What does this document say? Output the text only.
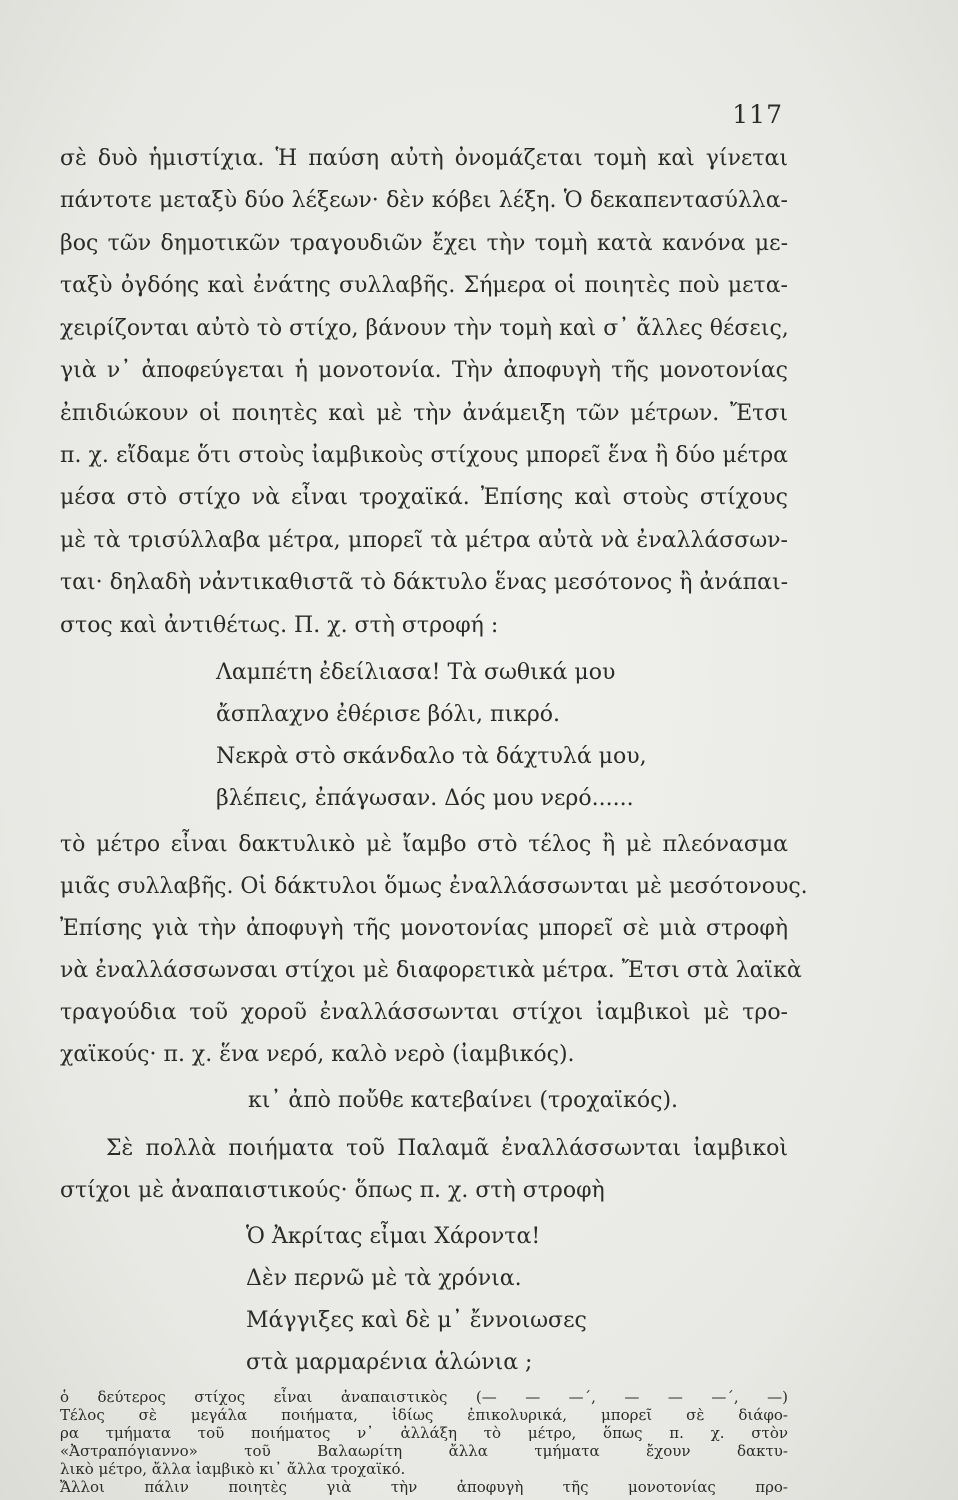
117
σὲ δυὸ ἡμιστίχια. Ἡ παύση αὐτὴ ὀνομάζεται τομὴ καὶ γίνεται
πάντοτε μεταξὺ δύο λέξεων· δὲν κόβει λέξη. Ὁ δεκαπεντασύλλα-
βος τῶν δημοτικῶν τραγουδιῶν ἔχει τὴν τομὴ κατὰ κανόνα με-
ταξὺ ὀγδόης καὶ ἐνάτης συλλαβῆς. Σήμερα οἱ ποιητὲς ποὺ μετα-
χειρίζονται αὐτὸ τὸ στίχο, βάνουν τὴν τομὴ καὶ σ᾿ ἄλλες θέσεις,
γιὰ ν᾿ ἀποφεύγεται ἡ μονοτονία. Τὴν ἀποφυγὴ τῆς μονοτονίας
ἐπιδιώκουν οἱ ποιητὲς καὶ μὲ τὴν ἀνάμειξη τῶν μέτρων. Ἔτσι
π. χ. εἴδαμε ὅτι στοὺς ἰαμβικοὺς στίχους μπορεῖ ἕνα ἢ δύο μέτρα
μέσα στὸ στίχο νὰ εἶναι τροχαϊκά. Ἐπίσης καὶ στοὺς στίχους
μὲ τὰ τρισύλλαβα μέτρα, μπορεῖ τὰ μέτρα αὐτὰ νὰ ἐναλλάσσων-
ται· δηλαδὴ νἀντικαθιστᾶ τὸ δάκτυλο ἕνας μεσότονος ἢ ἀνάπαι-
στος καὶ ἀντιθέτως. Π. χ. στὴ στροφή :
Λαμπέτη ἐδείλιασα! Τὰ σωθικά μου
ἄσπλαχνο ἐθέρισε βόλι, πικρό.
Νεκρὰ στὸ σκάνδαλο τὰ δάχτυλά μου,
βλέπεις, ἐπάγωσαν. Δός μου νερό......
τὸ μέτρο εἶναι δακτυλικὸ μὲ ἴαμβο στὸ τέλος ἢ μὲ πλεόνασμα
μιᾶς συλλαβῆς. Οἱ δάκτυλοι ὅμως ἐναλλάσσωνται μὲ μεσότονους.
Ἐπίσης γιὰ τὴν ἀποφυγὴ τῆς μονοτονίας μπορεῖ σὲ μιὰ στροφὴ
νὰ ἐναλλάσσωνσαι στίχοι μὲ διαφορετικὰ μέτρα. Ἔτσι στὰ λαϊκὰ
τραγούδια τοῦ χοροῦ ἐναλλάσσωνται στίχοι ἰαμβικοὶ μὲ τρο-
χαϊκούς· π. χ. ἕνα νερό, καλὸ νερὸ (ἰαμβικός).
κι᾿ ἀπὸ ποὔθε κατεβαίνει (τροχαϊκός).
Σὲ πολλὰ ποιήματα τοῦ Παλαμᾶ ἐναλλάσσωνται ἰαμβικοὶ
στίχοι μὲ ἀναπαιστικούς· ὅπως π. χ. στὴ στροφὴ
Ὁ Ἀκρίτας εἶμαι Χάροντα!
Δὲν περνῶ μὲ τὰ χρόνια.
Μάγγιξες καὶ δὲ μ᾿ ἔννοιωσες
στὰ μαρμαρένια ἁλώνια ;
ὁ δεύτερος στίχος εἶναι ἀναπαιστικὸς (— — —΄, — — —΄, —)
Τέλος σὲ μεγάλα ποιήματα, ἰδίως ἐπικολυρικά, μπορεῖ σὲ διάφο-
ρα τμήματα τοῦ ποιήματος ν᾿ ἀλλάξη τὸ μέτρο, ὅπως π. χ. στὸν
«Ἀστραπόγιαννο» τοῦ Βαλαωρίτη ἄλλα τμήματα ἔχουν δακτυ-
λικὸ μέτρο, ἄλλα ἰαμβικὸ κι᾿ ἄλλα τροχαϊκό.
Ἄλλοι πάλιν ποιητὲς γιὰ τὴν ἀποφυγὴ τῆς μονοτονίας προ-
